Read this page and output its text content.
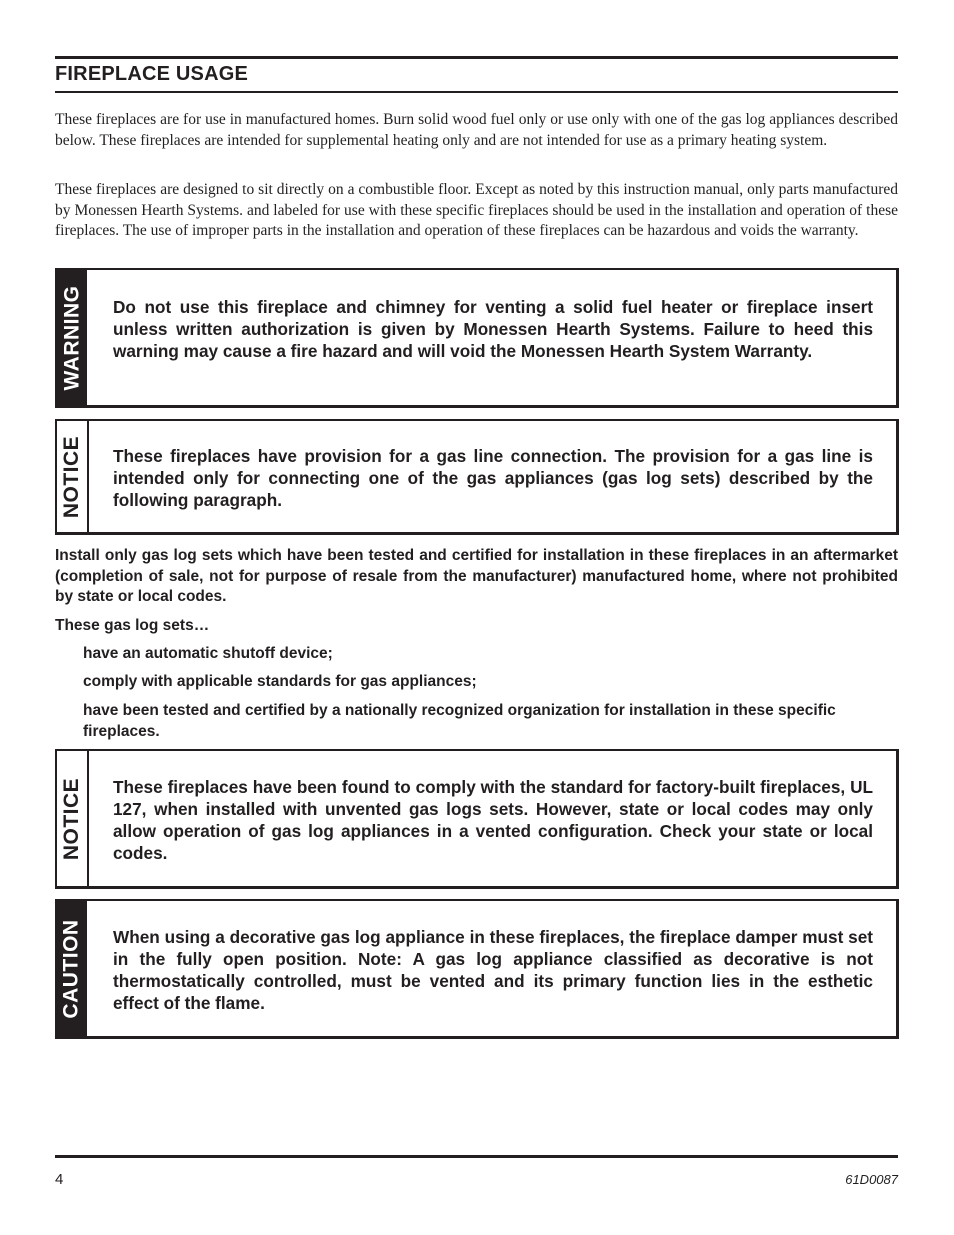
FIREPLACE USAGE

These fireplaces are for use in manufactured homes. Burn solid wood fuel only or use only with one of the gas log appliances described below. These fireplaces are intended for supplemental heating only and are not intended for use as a primary heating system.

These fireplaces are designed to sit directly on a combustible floor. Except as noted by this instruction manual, only parts manufactured by Monessen Hearth Systems. and labeled for use with these specific fireplaces should be used in the installation and operation of these fireplaces. The use of improper parts in the installation and operation of these fireplaces can be hazardous and voids the warranty.

WARNING Do not use this fireplace and chimney for venting a solid fuel heater or fireplace insert unless written authorization is given by Monessen Hearth Systems. Failure to heed this warning may cause a fire hazard and will void the Monessen Hearth System Warranty.

NOTICE These fireplaces have provision for a gas line connection. The provision for a gas line is intended only for connecting one of the gas appliances (gas log sets) described by the following paragraph.

Install only gas log sets which have been tested and certified for installation in these fireplaces in an aftermarket (completion of sale, not for purpose of resale from the manufacturer) manufactured home, where not prohibited by state or local codes.

These gas log sets…

have an automatic shutoff device;

comply with applicable standards for gas appliances;

have been tested and certified by a nationally recognized organization for installation in these specific fireplaces.

NOTICE These fireplaces have been found to comply with the standard for factory-built fireplaces, UL 127, when installed with unvented gas logs sets. However, state or local codes may only allow operation of gas log appliances in a vented configuration. Check your state or local codes.

CAUTION When using a decorative gas log appliance in these fireplaces, the fireplace damper must set in the fully open position. Note: A gas log appliance classified as decorative is not thermostatically controlled, must be vented and its primary function lies in the esthetic effect of the flame.

4	61D0087
